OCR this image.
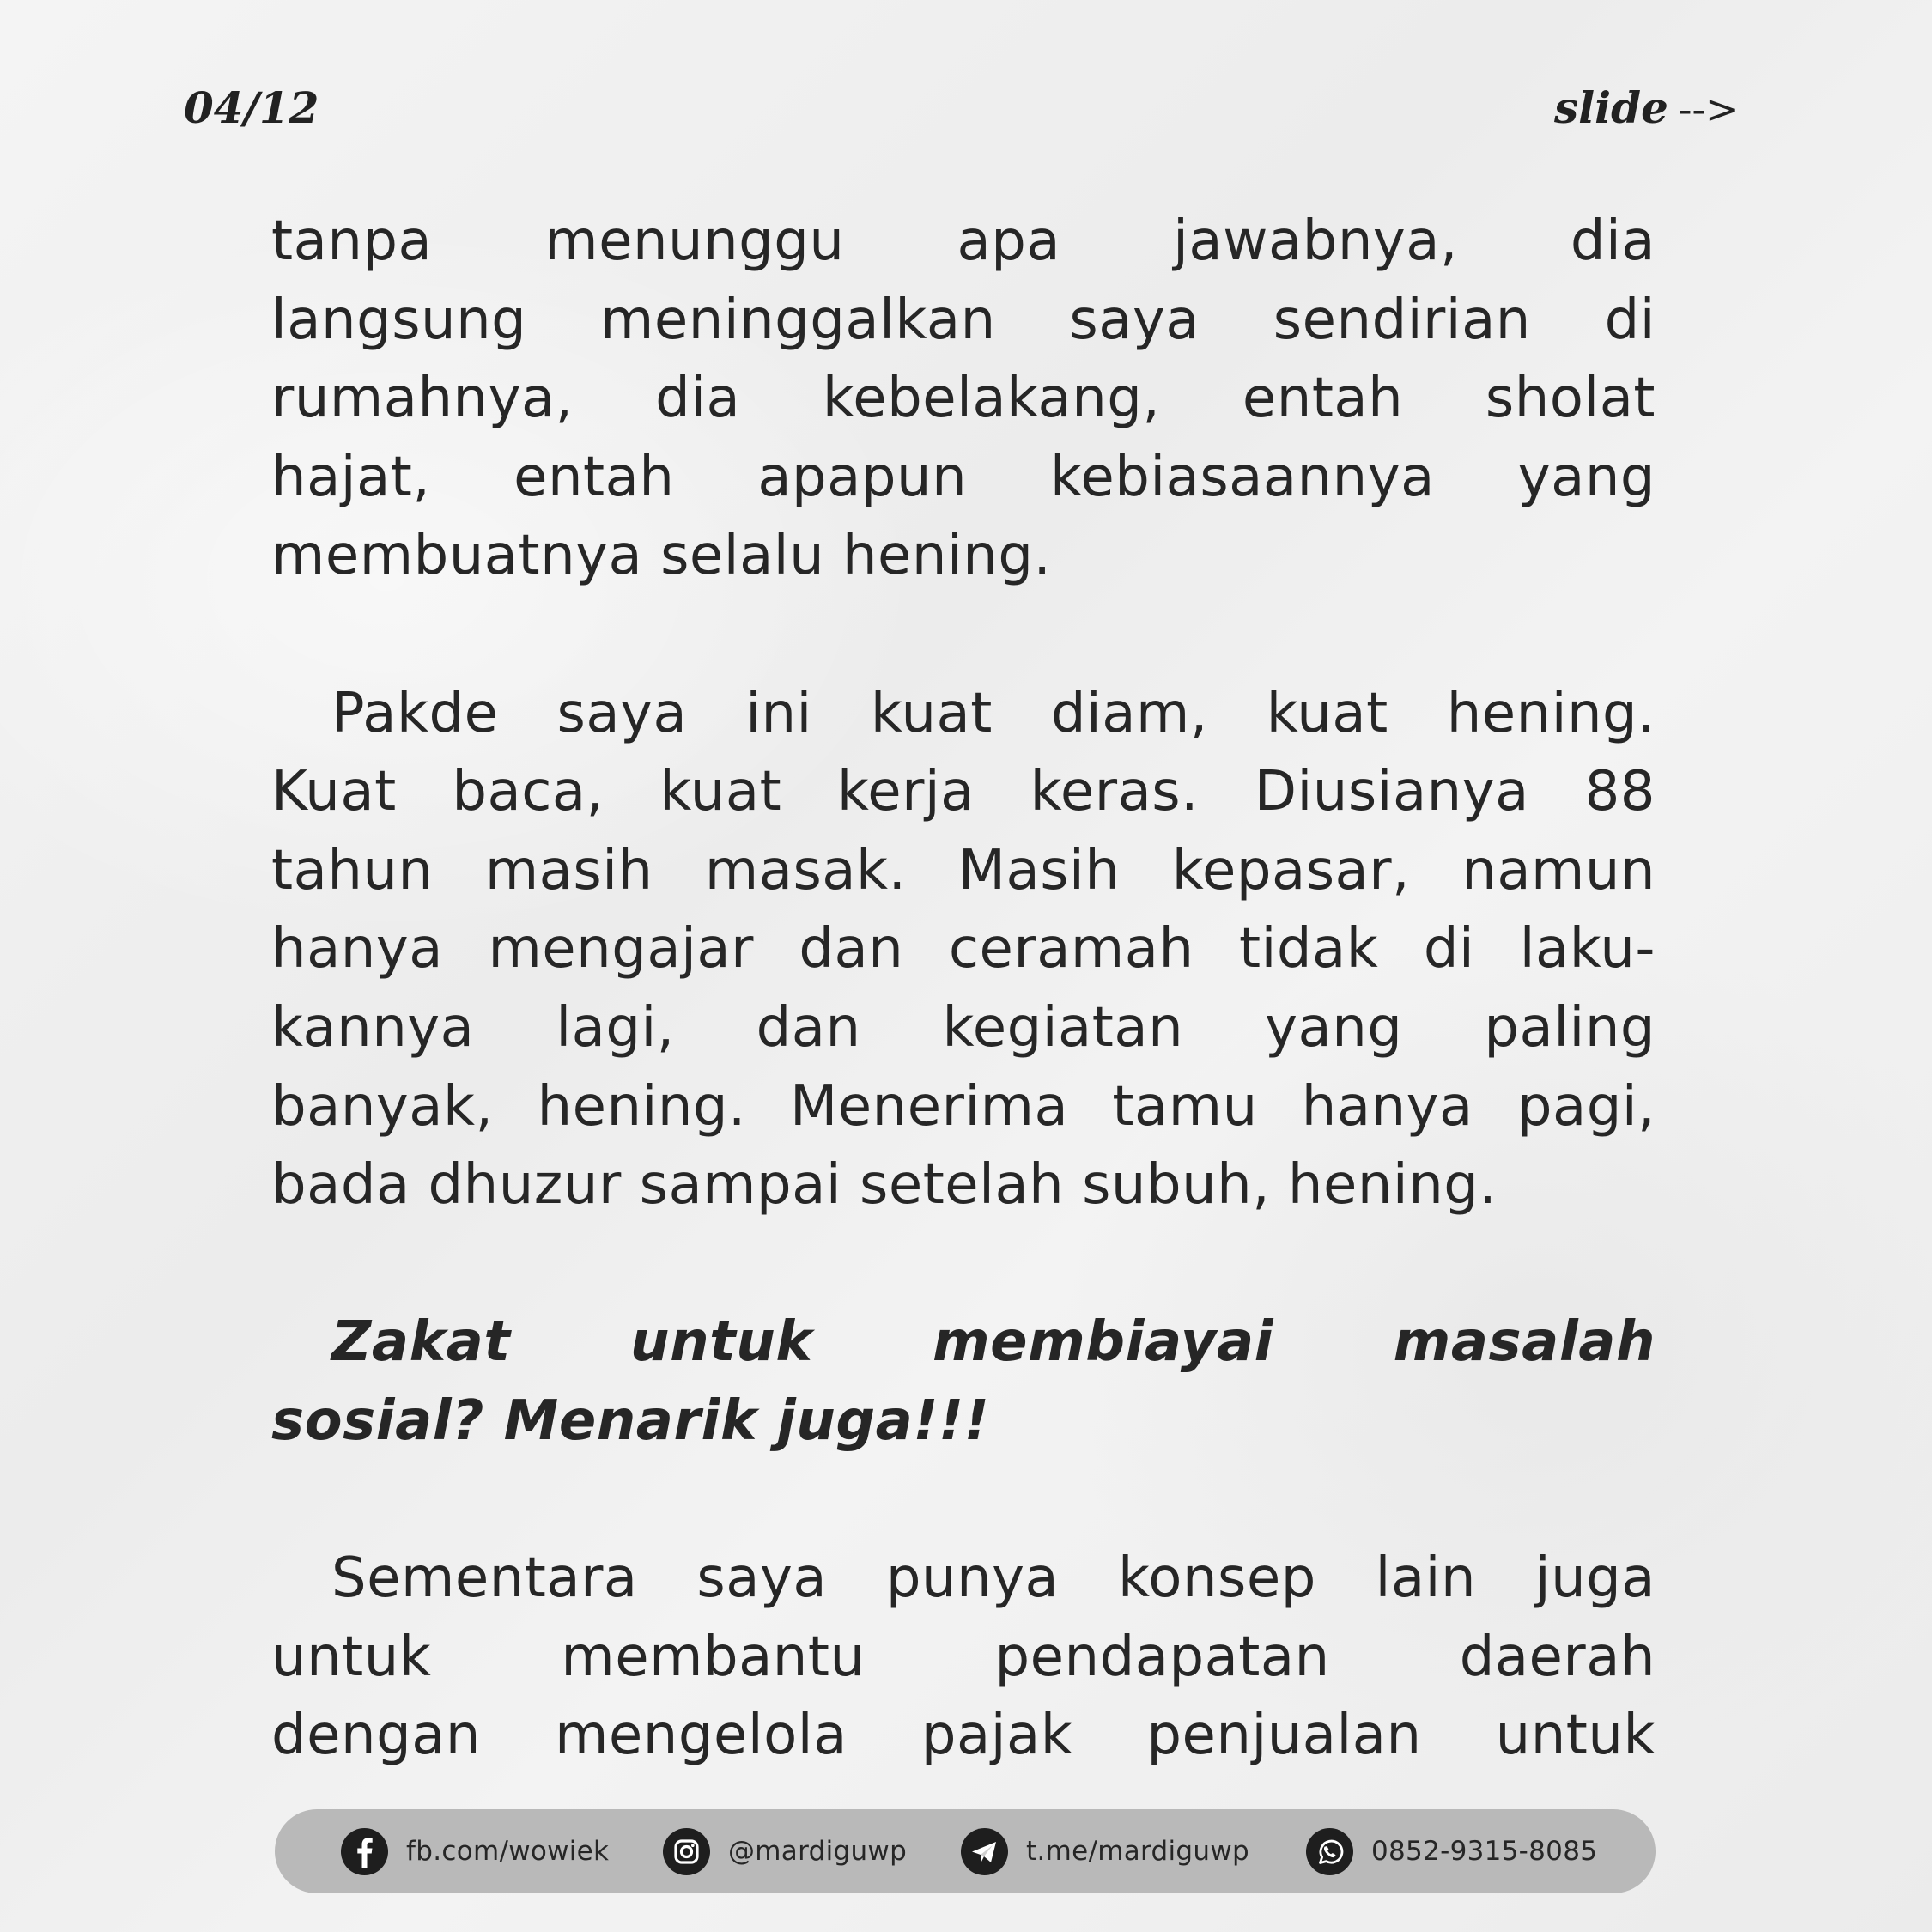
04/12	slide -->
tanpa menunggu apa jawabnya, dia
langsung meninggalkan saya sendirian di
rumahnya, dia kebelakang, entah sholat
hajat, entah apapun kebiasaannya yang
membuatnya selalu hening.
Pakde saya ini kuat diam, kuat hening.
Kuat baca, kuat kerja keras. Diusianya 88
tahun masih masak. Masih kepasar, namun
hanya mengajar dan ceramah tidak di laku-
kannya lagi, dan kegiatan yang paling
banyak, hening. Menerima tamu hanya pagi,
bada dhuzur sampai setelah subuh, hening.
Zakat untuk membiayai masalah
sosial? Menarik juga!!!
Sementara saya punya konsep lain juga
untuk membantu pendapatan daerah
dengan mengelola pajak penjualan untuk
fb.com/wowiek	@mardiguwp	t.me/mardiguwp	0852-9315-8085
